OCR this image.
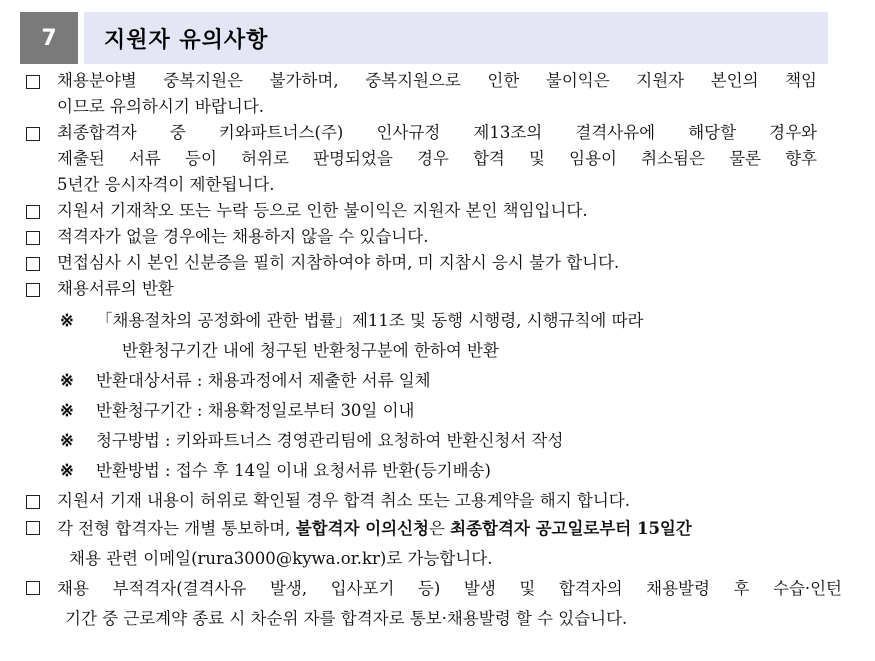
7	지원자 유의사항
채용분야별 중복지원은 불가하며, 중복지원으로 인한 불이익은 지원자 본인의 책임
이므로 유의하시기 바랍니다.
최종합격자 중 키와파트너스(주) 인사규정 제13조의 결격사유에 해당할 경우와
제출된 서류 등이 허위로 판명되었을 경우 합격 및 임용이 취소됨은 물론 향후
5년간 응시자격이 제한됩니다.
지원서 기재착오 또는 누락 등으로 인한 불이익은 지원자 본인 책임입니다.
적격자가 없을 경우에는 채용하지 않을 수 있습니다.
면접심사 시 본인 신분증을 필히 지참하여야 하며, 미 지참시 응시 불가 합니다.
채용서류의 반환
※	「채용절차의 공정화에 관한 법률」제11조 및 동행 시행령, 시행규칙에 따라
반환청구기간 내에 청구된 반환청구분에 한하여 반환
※	반환대상서류 : 채용과정에서 제출한 서류 일체
※	반환청구기간 : 채용확정일로부터 30일 이내
※	청구방법 : 키와파트너스 경영관리팀에 요청하여 반환신청서 작성
※	반환방법 : 접수 후 14일 이내 요청서류 반환(등기배송)
지원서 기재 내용이 허위로 확인될 경우 합격 취소 또는 고용계약을 해지 합니다.
각 전형 합격자는 개별 통보하며, 불합격자 이의신청은 최종합격자 공고일로부터 15일간
채용 관련 이메일(rura3000@kywa.or.kr)로 가능합니다.
채용 부적격자(결격사유 발생, 입사포기 등) 발생 및 합격자의 채용발령 후 수습·인턴
기간 중 근로계약 종료 시 차순위 자를 합격자로 통보·채용발령 할 수 있습니다.
